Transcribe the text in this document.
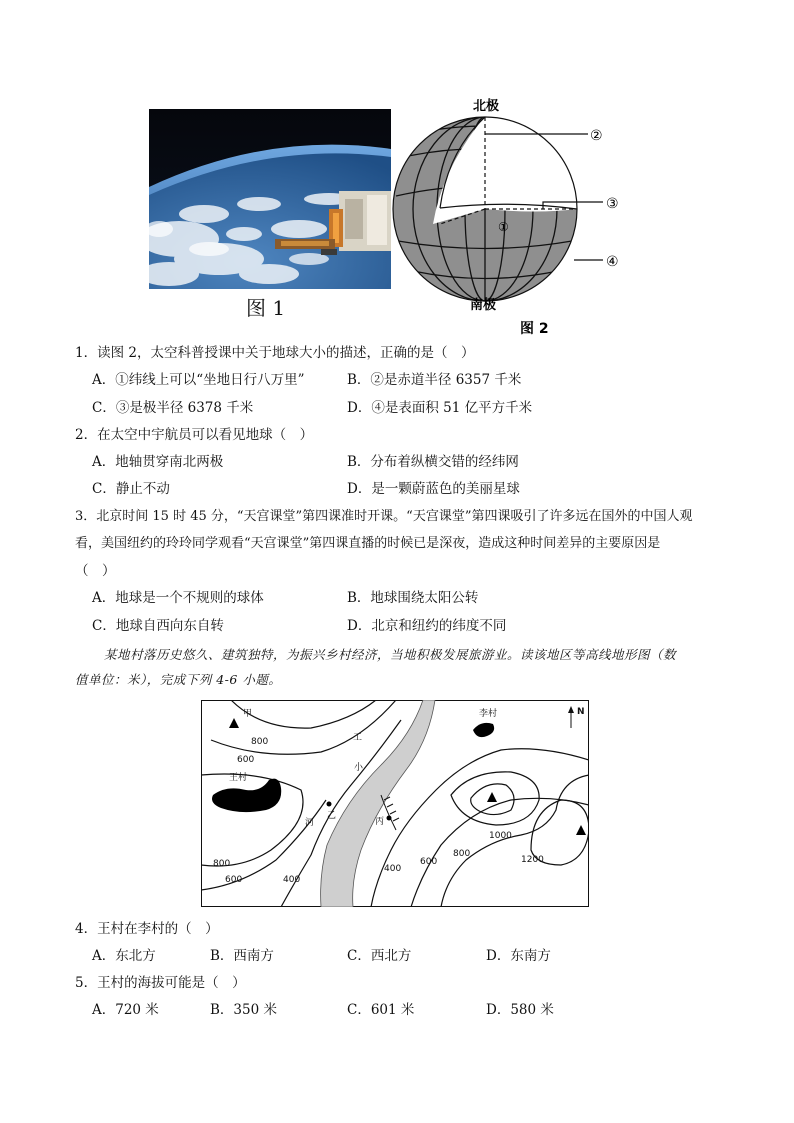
图 1
北极
南极
①
②
③
④
图 2
1．读图 2，太空科普授课中关于地球大小的描述，正确的是（　）
A．①纬线上可以“坐地日行八万里”	B．②是赤道半径 6357 千米
C．③是极半径 6378 千米	D．④是表面积 51 亿平方千米
2．在太空中宇航员可以看见地球（　）
A．地轴贯穿南北两极	B．分布着纵横交错的经纬网
C．静止不动	D．是一颗蔚蓝色的美丽星球
3．北京时间 15 时 45 分，“天宫课堂”第四课准时开课。“天宫课堂”第四课吸引了许多远在国外的中国人观
看，美国纽约的玲玲同学观看“天宫课堂”第四课直播的时候已是深夜，造成这种时间差异的主要原因是
（　）
A．地球是一个不规则的球体	B．地球围绕太阳公转
C．地球自西向东自转	D．北京和纽约的纬度不同
某地村落历史悠久、建筑独特，为振兴乡村经济，当地积极发展旅游业。读该地区等高线地形图（数
值单位：米），完成下列 4-6 小题。
甲
王村
李村	N
乙
丙
小
河
工
800
600
800
600	400
400
600
800
1000
1200
4．王村在李村的（　）
A．东北方	B．西南方	C．西北方	D．东南方
5．王村的海拔可能是（　）
A．720 米	B．350 米	C．601 米	D．580 米
